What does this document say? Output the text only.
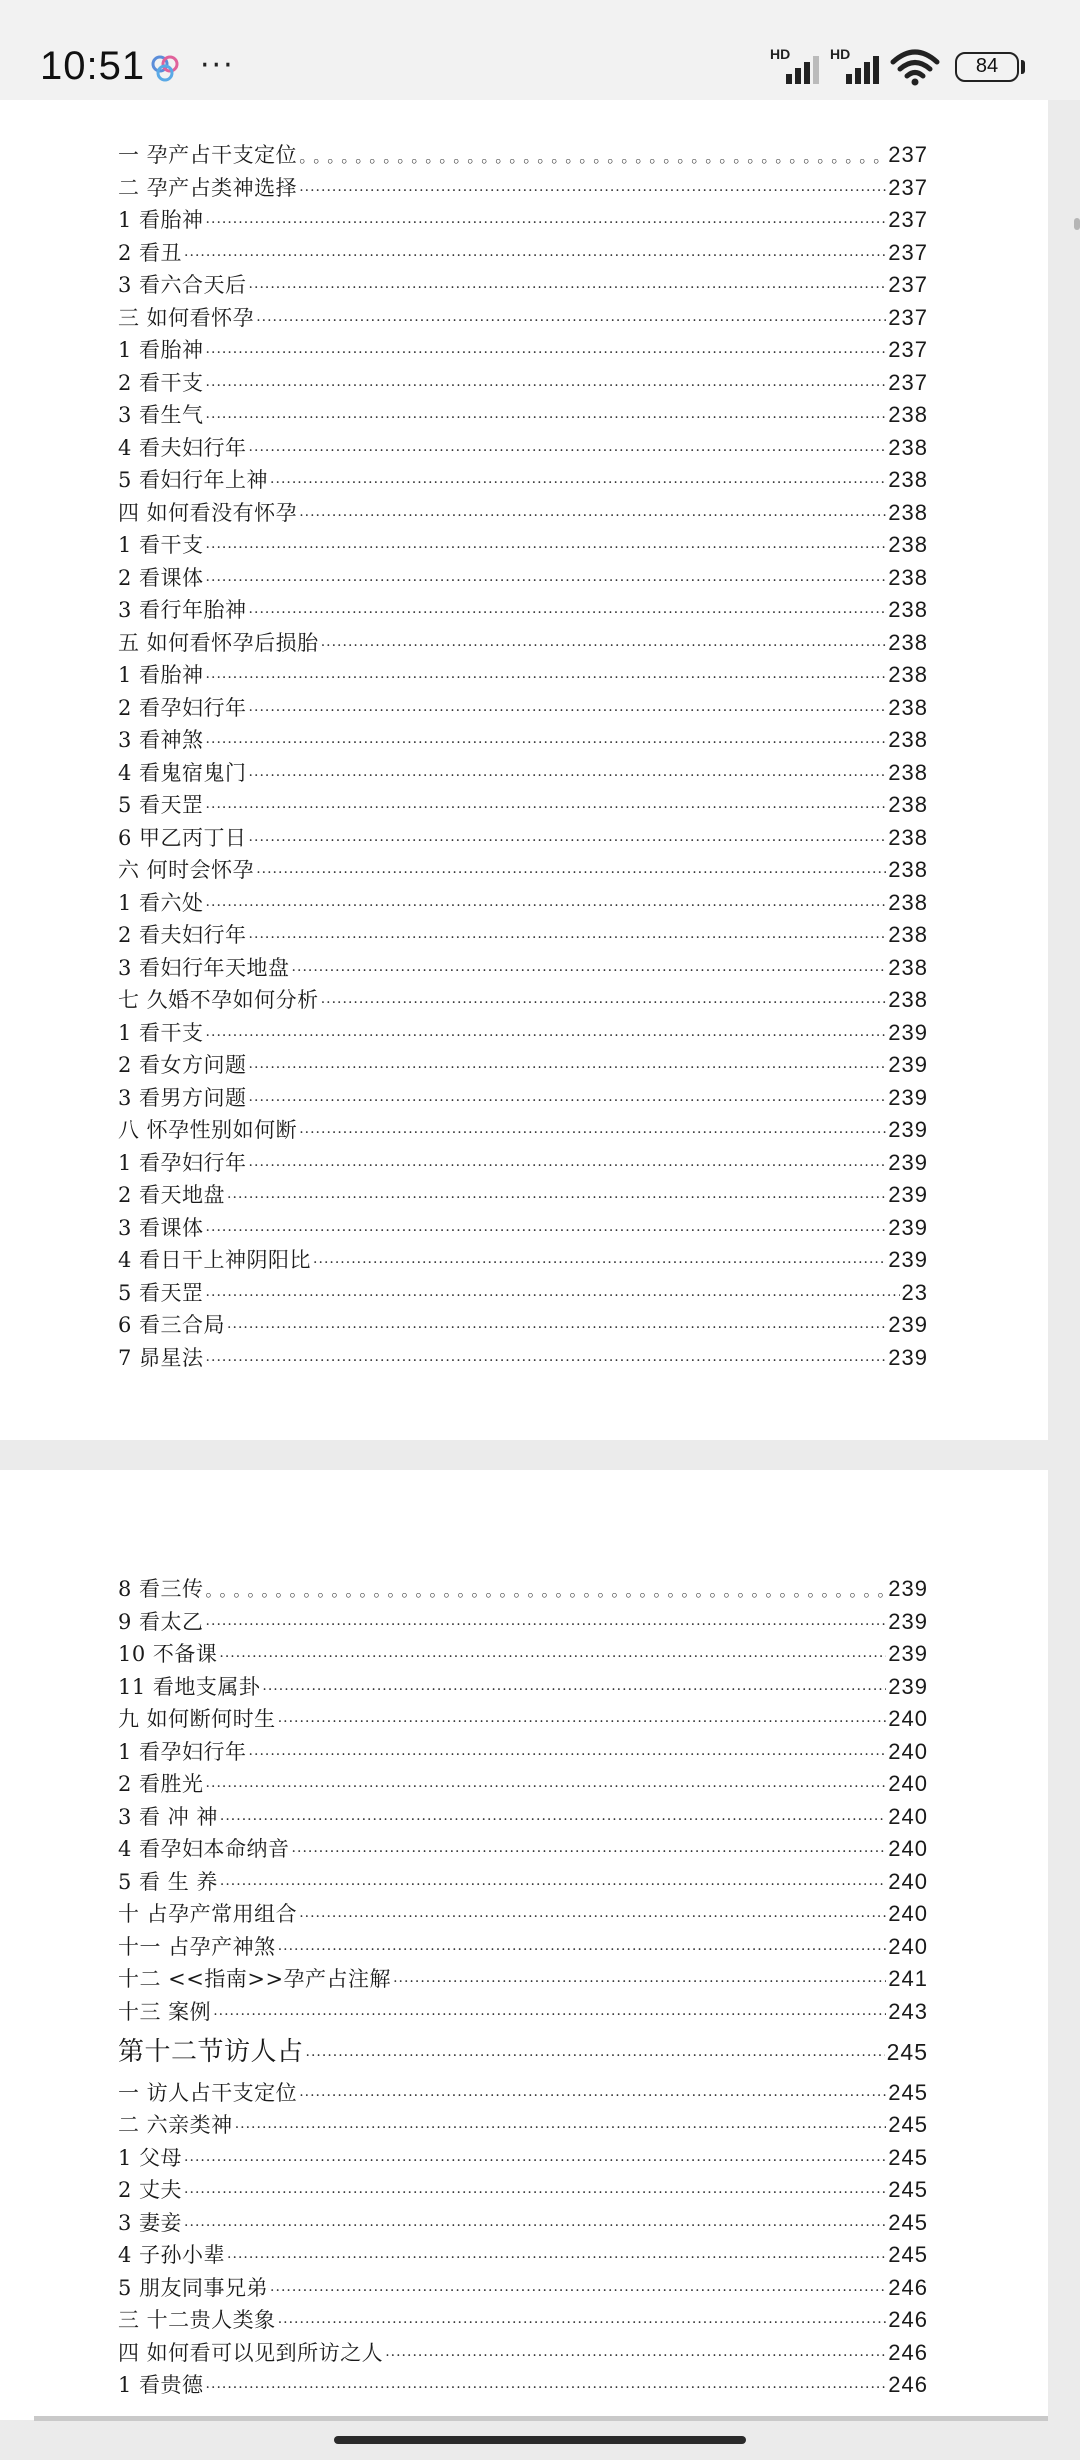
10:51 ···	HD	HD
84
一 孕产占干支定位 。。。。。。。。。。。。。。。。。。。。。。。。。。。。。。。。。。。。。。。。。。。。。。。。。。	237
二 孕产占类神选择 ·····	237
1 看胎神 ·····	237
2 看丑 ·····	237
3 看六合天后 ·····	237
三 如何看怀孕 ·····	237
1 看胎神 ·····	237
2 看干支 ·····	237
3 看生气 ·····	238
4 看夫妇行年 ·····	238
5 看妇行年上神 ·····	238
四 如何看没有怀孕 ·····	238
1 看干支 ·····	238
2 看课体 ·····	238
3 看行年胎神 ·····	238
五 如何看怀孕后损胎 ·····	238
1 看胎神 ·····	238
2 看孕妇行年 ·····	238
3 看神煞 ·····	238
4 看鬼宿鬼门 ·····	238
5 看天罡 ·····	238
6 甲乙丙丁日 ·····	238
六 何时会怀孕 ·····	238
1 看六处 ·····	238
2 看夫妇行年 ·····	238
3 看妇行年天地盘 ·····	238
七 久婚不孕如何分析 ·····	238
1 看干支 ·····	239
2 看女方问题 ·····	239
3 看男方问题 ·····	239
八 怀孕性别如何断 ·····	239
1 看孕妇行年 ·····	239
2 看天地盘 ·····	239
3 看课体 ·····	239
4 看日干上神阴阳比 ·····	239
5 看天罡 ·····	23
6 看三合局 ·····	239
7 昴星法 ·····	239
8 看三传 。。。。。。。。。。。。。。。。。。。。。。。。。。。。。。。。。。。。。。。。。。。。。。。。。。	239
9 看太乙 ·····	239
10 不备课 ·····	239
11 看地支属卦 ·····	239
九 如何断何时生 ·····	240
1 看孕妇行年 ·····	240
2 看胜光 ·····	240
3 看 冲 神 ·····	240
4 看孕妇本命纳音 ·····	240
5 看 生 养 ·····	240
十 占孕产常用组合 ·····	240
十一 占孕产神煞 ·····	240
十二 <<指南>>孕产占注解 ·····	241
十三 案例 ·····	243
第十二节访人占 ·····	245
一 访人占干支定位 ·····	245
二 六亲类神 ·····	245
1 父母 ·····	245
2 丈夫 ·····	245
3 妻妾 ·····	245
4 子孙小辈 ·····	245
5 朋友同事兄弟 ·····	246
三 十二贵人类象 ·····	246
四 如何看可以见到所访之人 ·····	246
1 看贵德 ·····	246
